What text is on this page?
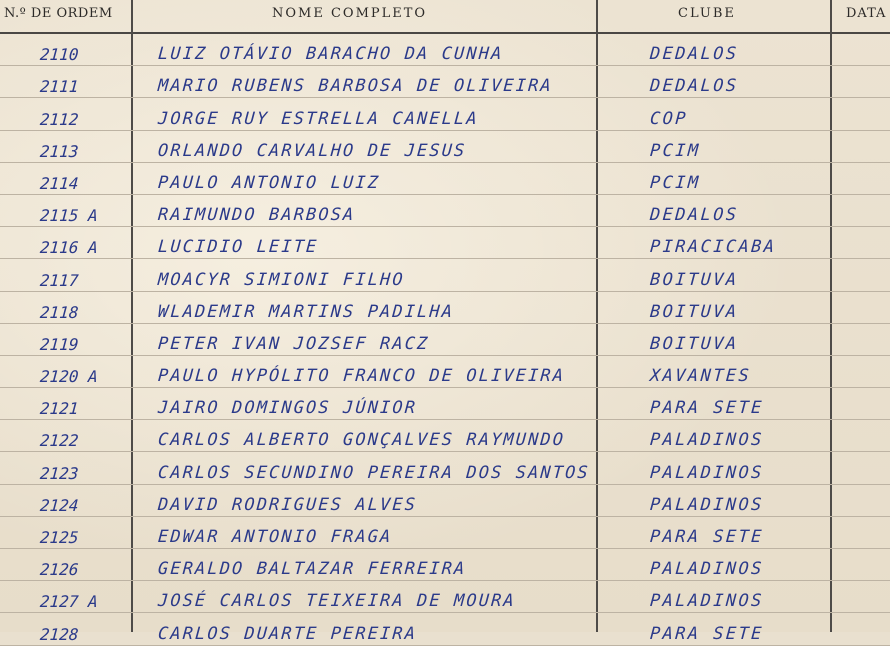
N.º DE ORDEM	NOME COMPLETO	CLUBE	DATA
2110	LUIZ OTÁVIO BARACHO DA CUNHA	DEDALOS
2111	MARIO RUBENS BARBOSA DE OLIVEIRA	DEDALOS
2112	JORGE RUY ESTRELLA CANELLA	COP
2113	ORLANDO CARVALHO DE JESUS	PCIM
2114	PAULO ANTONIO LUIZ	PCIM
2115 A	RAIMUNDO BARBOSA	DEDALOS
2116 A	LUCIDIO LEITE	PIRACICABA
2117	MOACYR SIMIONI FILHO	BOITUVA
2118	WLADEMIR MARTINS PADILHA	BOITUVA
2119	PETER IVAN JOZSEF RACZ	BOITUVA
2120 A	PAULO HYPÓLITO FRANCO DE OLIVEIRA	XAVANTES
2121	JAIRO DOMINGOS JÚNIOR	PARA SETE
2122	CARLOS ALBERTO GONÇALVES RAYMUNDO	PALADINOS
2123	CARLOS SECUNDINO PEREIRA DOS SANTOS	PALADINOS
2124	DAVID RODRIGUES ALVES	PALADINOS
2125	EDWAR ANTONIO FRAGA	PARA SETE
2126	GERALDO BALTAZAR FERREIRA	PALADINOS
2127 A	JOSÉ CARLOS TEIXEIRA DE MOURA	PALADINOS
2128	CARLOS DUARTE PEREIRA	PARA SETE
